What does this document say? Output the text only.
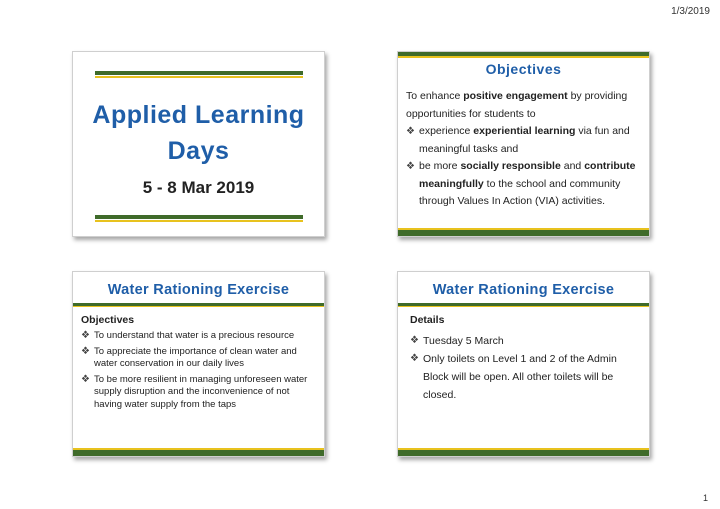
1/3/2019
Applied Learning
Days
5 - 8 Mar 2019
Objectives
To enhance positive engagement by providing opportunities for students to
❖ experience experiential learning via fun and meaningful tasks and
❖ be more socially responsible and contribute meaningfully to the school and community through Values In Action (VIA) activities.
Water Rationing Exercise
Objectives
❖ To understand that water is a precious resource
❖ To appreciate the importance of clean water and water conservation in our daily lives
❖ To be more resilient in managing unforeseen water supply disruption and the inconvenience of not having water supply from the taps
Water Rationing Exercise
Details
❖ Tuesday 5 March
❖ Only toilets on Level 1 and 2 of the Admin Block will be open. All other toilets will be closed.
1
